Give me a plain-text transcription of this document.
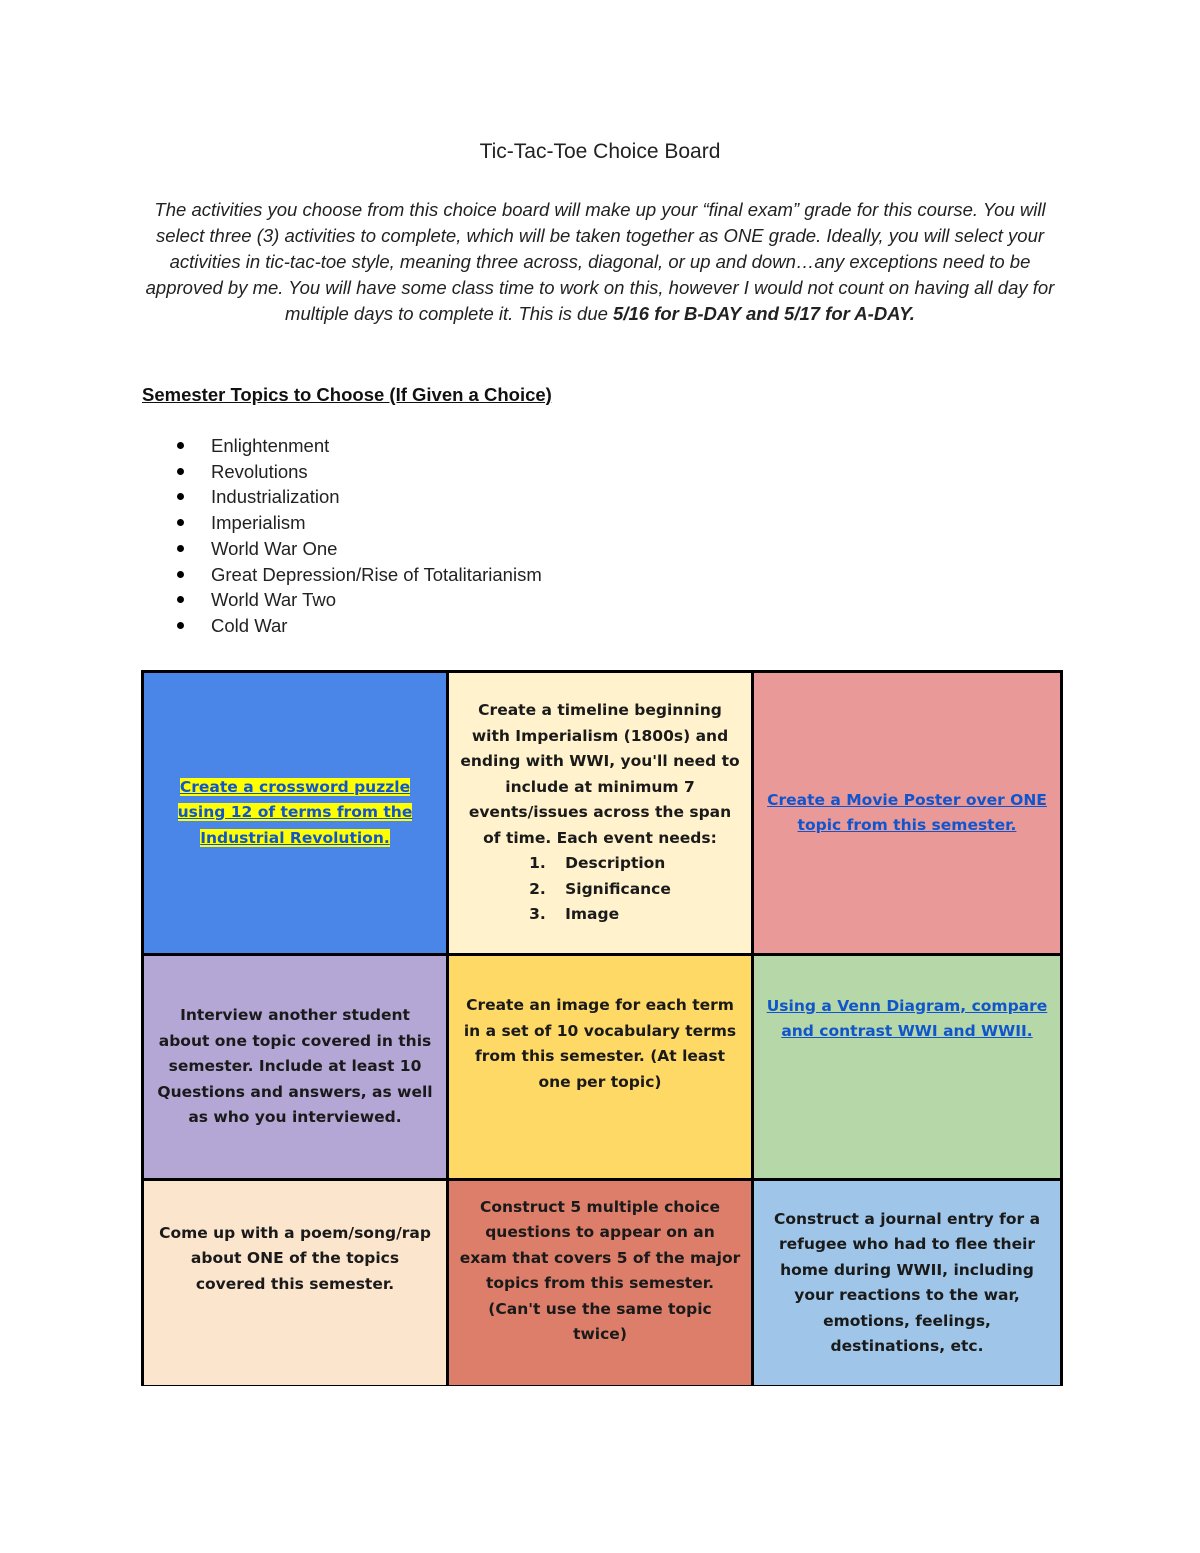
Tic-Tac-Toe Choice Board
The activities you choose from this choice board will make up your “final exam” grade for this course. You will select three (3) activities to complete, which will be taken together as ONE grade. Ideally, you will select your activities in tic-tac-toe style, meaning three across, diagonal, or up and down…any exceptions need to be approved by me. You will have some class time to work on this, however I would not count on having all day for multiple days to complete it. This is due 5/16 for B-DAY and 5/17 for A-DAY.
Semester Topics to Choose (If Given a Choice)
Enlightenment
Revolutions
Industrialization
Imperialism
World War One
Great Depression/Rise of Totalitarianism
World War Two
Cold War
Create a crossword puzzle using 12 of terms from the Industrial Revolution.
Create a timeline beginning with Imperialism (1800s) and ending with WWI, you'll need to include at minimum 7 events/issues across the span of time. Each event needs:
1. Description
2. Significance
3. Image
Create a Movie Poster over ONE topic from this semester.
Interview another student about one topic covered in this semester. Include at least 10 Questions and answers, as well as who you interviewed.
Create an image for each term in a set of 10 vocabulary terms from this semester. (At least one per topic)
Using a Venn Diagram, compare and contrast WWI and WWII.
Come up with a poem/song/rap about ONE of the topics covered this semester.
Construct 5 multiple choice questions to appear on an exam that covers 5 of the major topics from this semester. (Can't use the same topic twice)
Construct a journal entry for a refugee who had to flee their home during WWII, including your reactions to the war, emotions, feelings, destinations, etc.
